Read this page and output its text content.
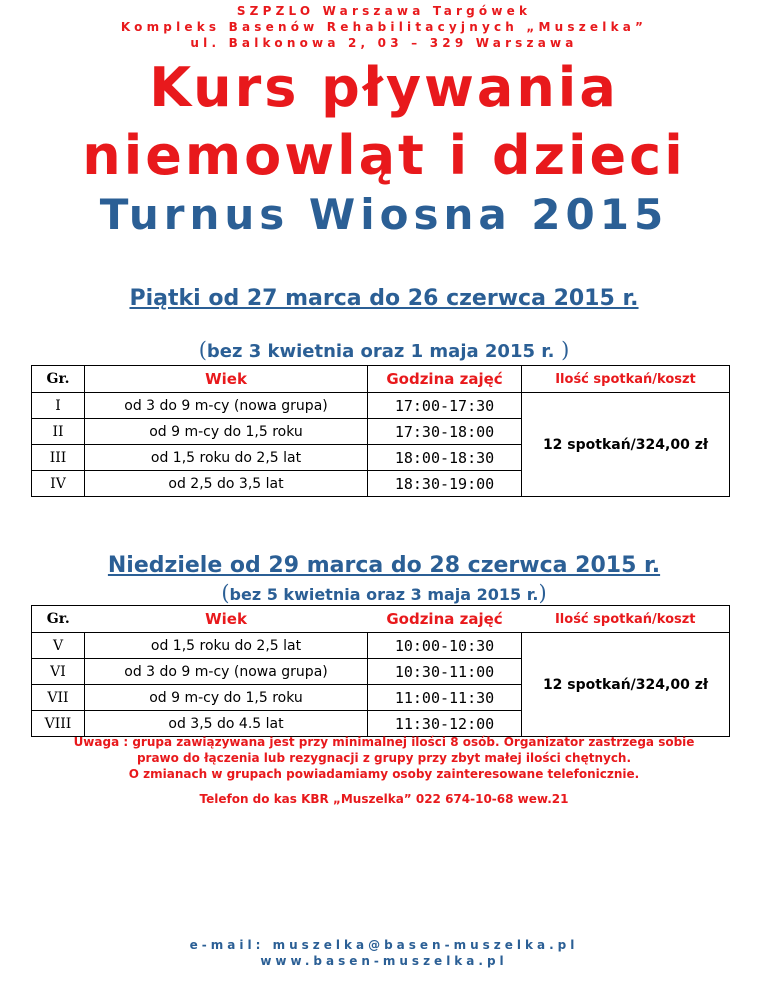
SZPZLO Warszawa Targówek
Kompleks Basenów Rehabilitacyjnych „Muszelka”
ul. Balkonowa 2, 03 – 329 Warszawa
Kurs pływania
niemowląt i dzieci
Turnus Wiosna 2015
Piątki od 27 marca do 26 czerwca 2015 r.
(bez 3 kwietnia oraz 1 maja 2015 r. )
Gr.	Wiek	Godzina zajęć	Ilość spotkań/koszt
I	od 3 do 9 m-cy (nowa grupa)	17:00-17:30	12 spotkań/324,00 zł
II	od 9 m-cy do 1,5 roku	17:30-18:00	
III	od 1,5 roku do 2,5 lat	18:00-18:30	
IV	od 2,5 do 3,5 lat	18:30-19:00	
Niedziele od 29 marca do 28 czerwca 2015 r.
(bez 5 kwietnia oraz 3 maja 2015 r.)
Gr.	Wiek	Godzina zajęć	Ilość spotkań/koszt
V	od 1,5 roku do 2,5 lat	10:00-10:30	12 spotkań/324,00 zł
VI	od 3 do 9 m-cy (nowa grupa)	10:30-11:00	
VII	od 9 m-cy do 1,5 roku	11:00-11:30	
VIII	od 3,5 do 4.5 lat	11:30-12:00	
Uwaga : grupa zawiązywana jest przy minimalnej ilości 8 osób. Organizator zastrzega sobie
prawo do łączenia lub rezygnacji z grupy przy zbyt małej ilości chętnych.
O zmianach w grupach powiadamiamy osoby zainteresowane telefonicznie.
Telefon do kas KBR „Muszelka” 022 674-10-68 wew.21
e-mail: muszelka@basen-muszelka.pl
www.basen-muszelka.pl
